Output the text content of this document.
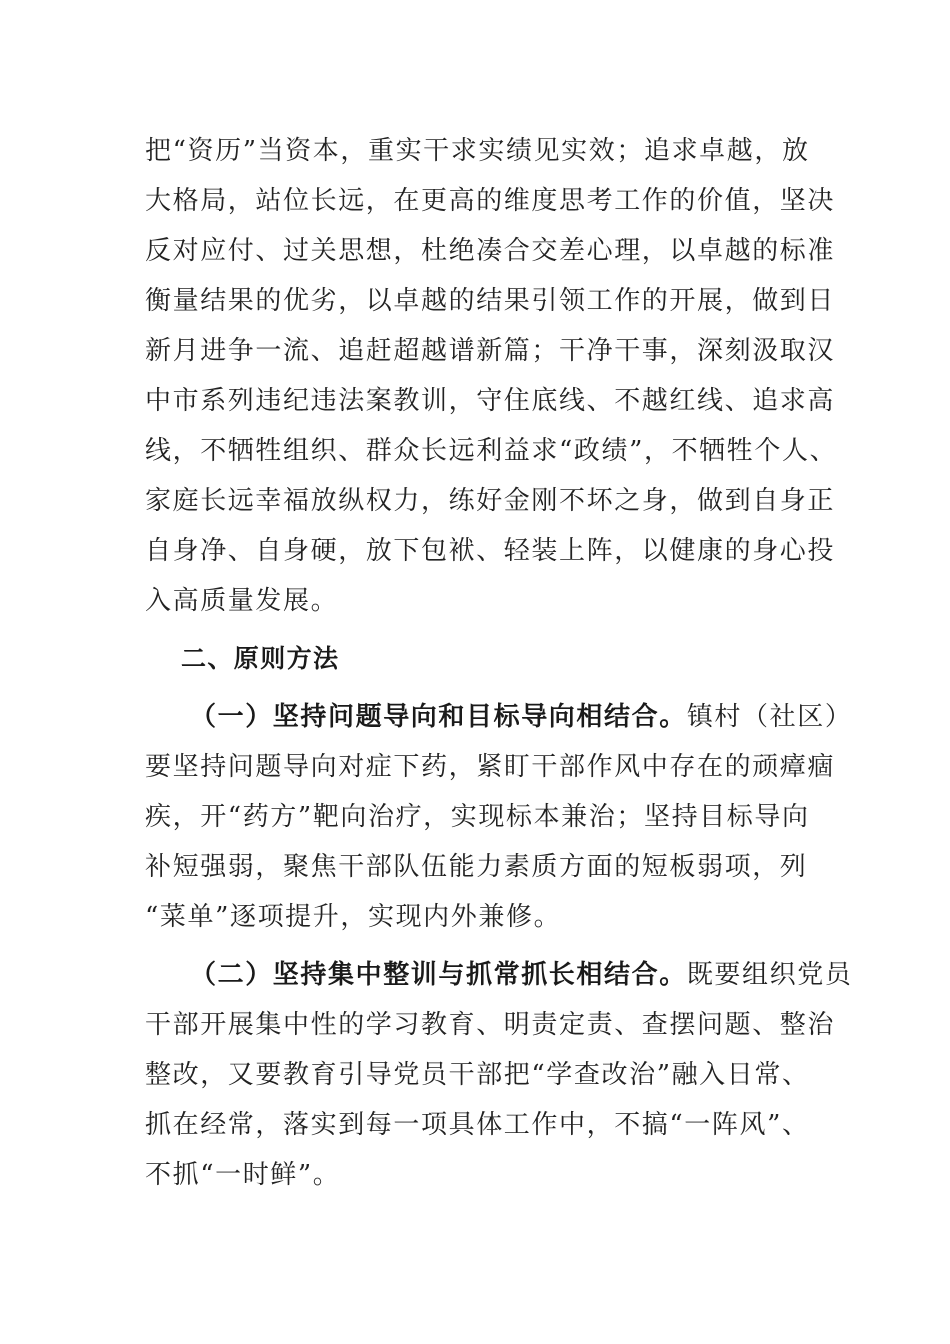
把“资历”当资本，重实干求实绩见实效；追求卓越，放
大格局，站位长远，在更高的维度思考工作的价值，坚决
反对应付、过关思想，杜绝凑合交差心理，以卓越的标准
衡量结果的优劣，以卓越的结果引领工作的开展，做到日
新月进争一流、追赶超越谱新篇；干净干事，深刻汲取汉
中市系列违纪违法案教训，守住底线、不越红线、追求高
线，不牺牲组织、群众长远利益求“政绩”，不牺牲个人、
家庭长远幸福放纵权力，练好金刚不坏之身，做到自身正
自身净、自身硬，放下包袱、轻装上阵，以健康的身心投
入高质量发展。
二、原则方法
（一）坚持问题导向和目标导向相结合。镇村（社区）
要坚持问题导向对症下药，紧盯干部作风中存在的顽瘴痼
疾，开“药方”靶向治疗，实现标本兼治；坚持目标导向
补短强弱，聚焦干部队伍能力素质方面的短板弱项，列
“菜单”逐项提升，实现内外兼修。
（二）坚持集中整训与抓常抓长相结合。既要组织党员
干部开展集中性的学习教育、明责定责、查摆问题、整治
整改，又要教育引导党员干部把“学查改治”融入日常、
抓在经常，落实到每一项具体工作中，不搞“一阵风”、
不抓“一时鲜”。
